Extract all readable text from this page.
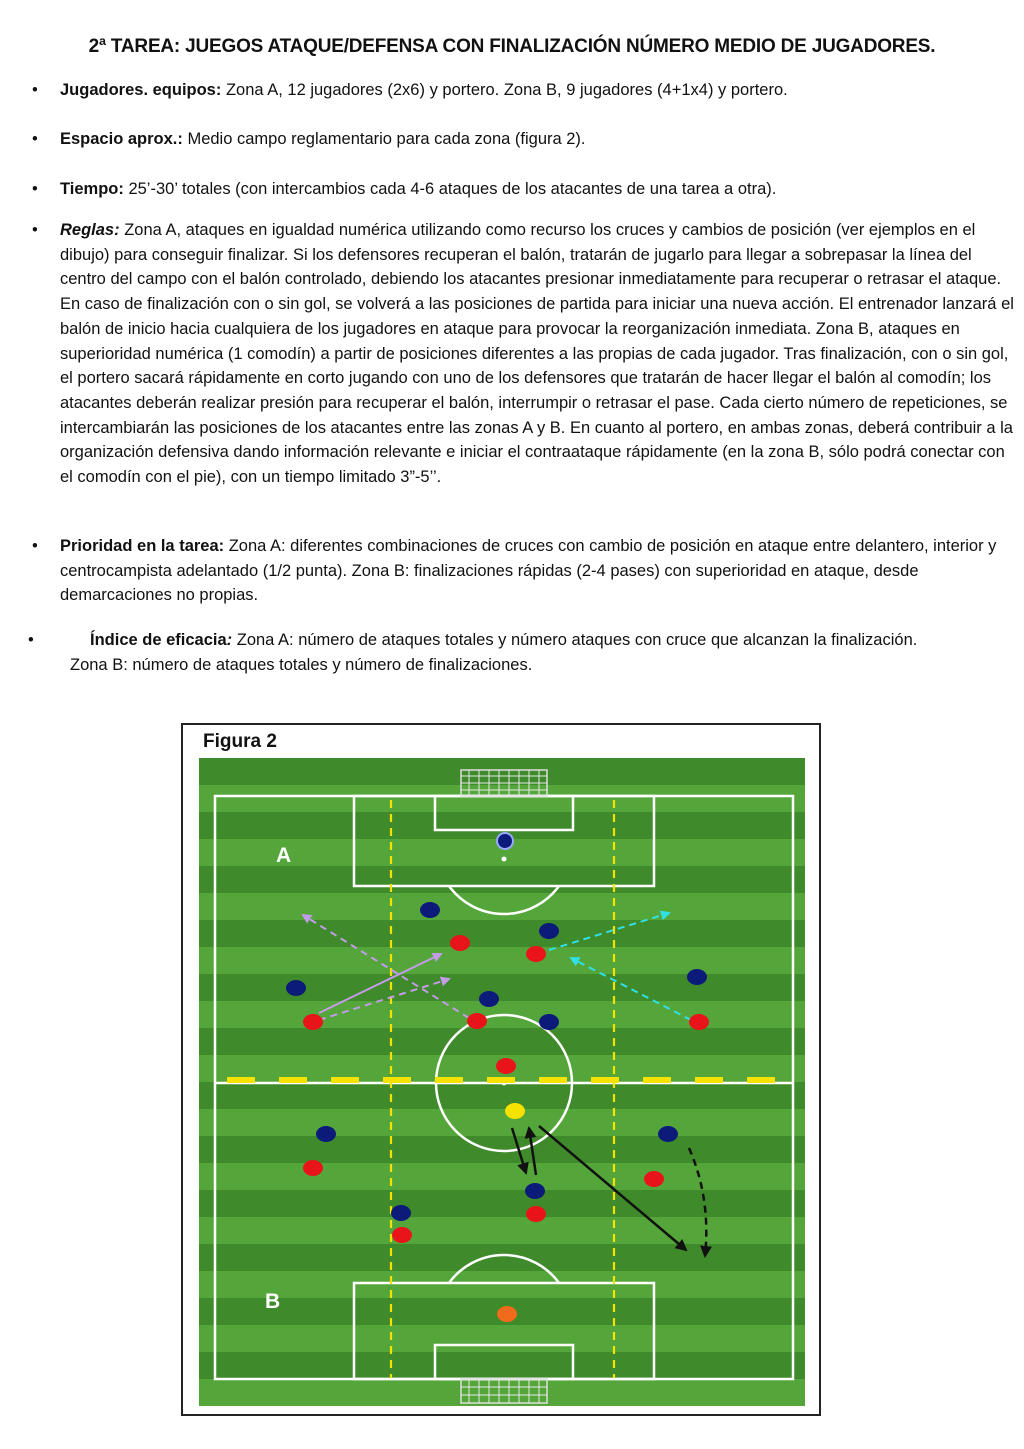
2ª TAREA: JUEGOS ATAQUE/DEFENSA CON FINALIZACIÓN NÚMERO MEDIO DE JUGADORES.
• Jugadores. equipos: Zona A, 12 jugadores (2x6) y portero. Zona B, 9 jugadores (4+1x4) y portero.
• Espacio aprox.: Medio campo reglamentario para cada zona (figura 2).
• Tiempo: 25’-30’ totales (con intercambios cada 4-6 ataques de los atacantes de una tarea a otra).
• Reglas: Zona A, ataques en igualdad numérica utilizando como recurso los cruces y cambios de posición (ver ejemplos en el dibujo) para conseguir finalizar. Si los defensores recuperan el balón, tratarán de jugarlo para llegar a sobrepasar la línea del centro del campo con el balón controlado, debiendo los atacantes presionar inmediatamente para recuperar o retrasar el ataque. En caso de finalización con o sin gol, se volverá a las posiciones de partida para iniciar una nueva acción. El entrenador lanzará el balón de inicio hacia cualquiera de los jugadores en ataque para provocar la reorganización inmediata. Zona B, ataques en superioridad numérica (1 comodín) a partir de posiciones diferentes a las propias de cada jugador. Tras finalización, con o sin gol, el portero sacará rápidamente en corto jugando con uno de los defensores que tratarán de hacer llegar el balón al comodín; los atacantes deberán realizar presión para recuperar el balón, interrumpir o retrasar el pase. Cada cierto número de repeticiones, se intercambiarán las posiciones de los atacantes entre las zonas A y B. En cuanto al portero, en ambas zonas, deberá contribuir a la organización defensiva dando información relevante e iniciar el contraataque rápidamente (en la zona B, sólo podrá conectar con el comodín con el pie), con un tiempo limitado 3”-5’’.
• Prioridad en la tarea: Zona A: diferentes combinaciones de cruces con cambio de posición en ataque entre delantero, interior y centrocampista adelantado (1/2 punta). Zona B: finalizaciones rápidas (2-4 pases) con superioridad en ataque, desde demarcaciones no propias.
•	Índice de eficacia: Zona A: número de ataques totales y número ataques con cruce que alcanzan la finalización.
Zona B: número de ataques totales y número de finalizaciones.
Figura 2
A
B
